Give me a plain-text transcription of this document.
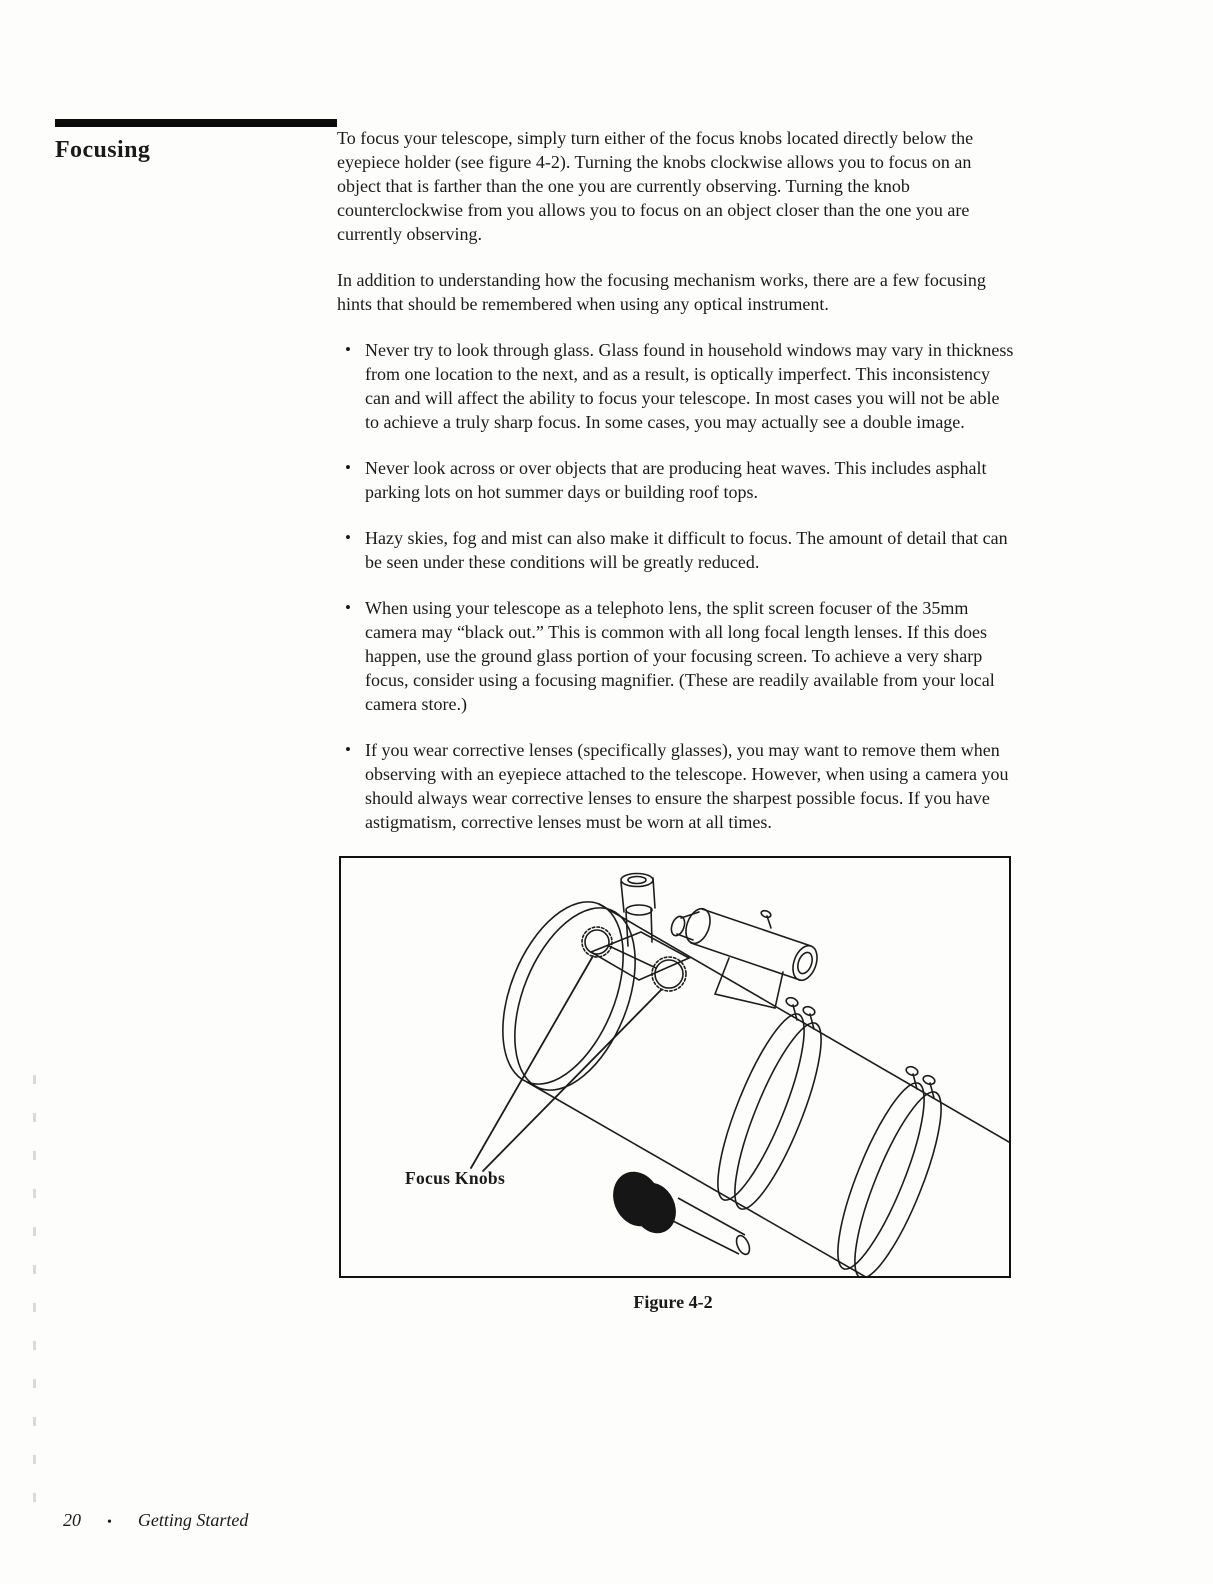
Focusing	To focus your telescope, simply turn either of the focus knobs located directly below the eyepiece holder (see figure 4-2). Turning the knobs clockwise allows you to focus on an object that is farther than the one you are currently observing. Turning the knob counterclockwise from you allows you to focus on an object closer than the one you are currently observing.

In addition to understanding how the focusing mechanism works, there are a few focusing hints that should be remembered when using any optical instrument.

• Never try to look through glass. Glass found in household windows may vary in thickness from one location to the next, and as a result, is optically imperfect. This inconsistency can and will affect the ability to focus your telescope. In most cases you will not be able to achieve a truly sharp focus. In some cases, you may actually see a double image.
• Never look across or over objects that are producing heat waves. This includes asphalt parking lots on hot summer days or building roof tops.
• Hazy skies, fog and mist can also make it difficult to focus. The amount of detail that can be seen under these conditions will be greatly reduced.
• When using your telescope as a telephoto lens, the split screen focuser of the 35mm camera may “black out.” This is common with all long focal length lenses. If this does happen, use the ground glass portion of your focusing screen. To achieve a very sharp focus, consider using a focusing magnifier. (These are readily available from your local camera store.)
• If you wear corrective lenses (specifically glasses), you may want to remove them when observing with an eyepiece attached to the telescope. However, when using a camera you should always wear corrective lenses to ensure the sharpest possible focus. If you have astigmatism, corrective lenses must be worn at all times.
Focus Knobs
Figure 4-2
20 • Getting Started
